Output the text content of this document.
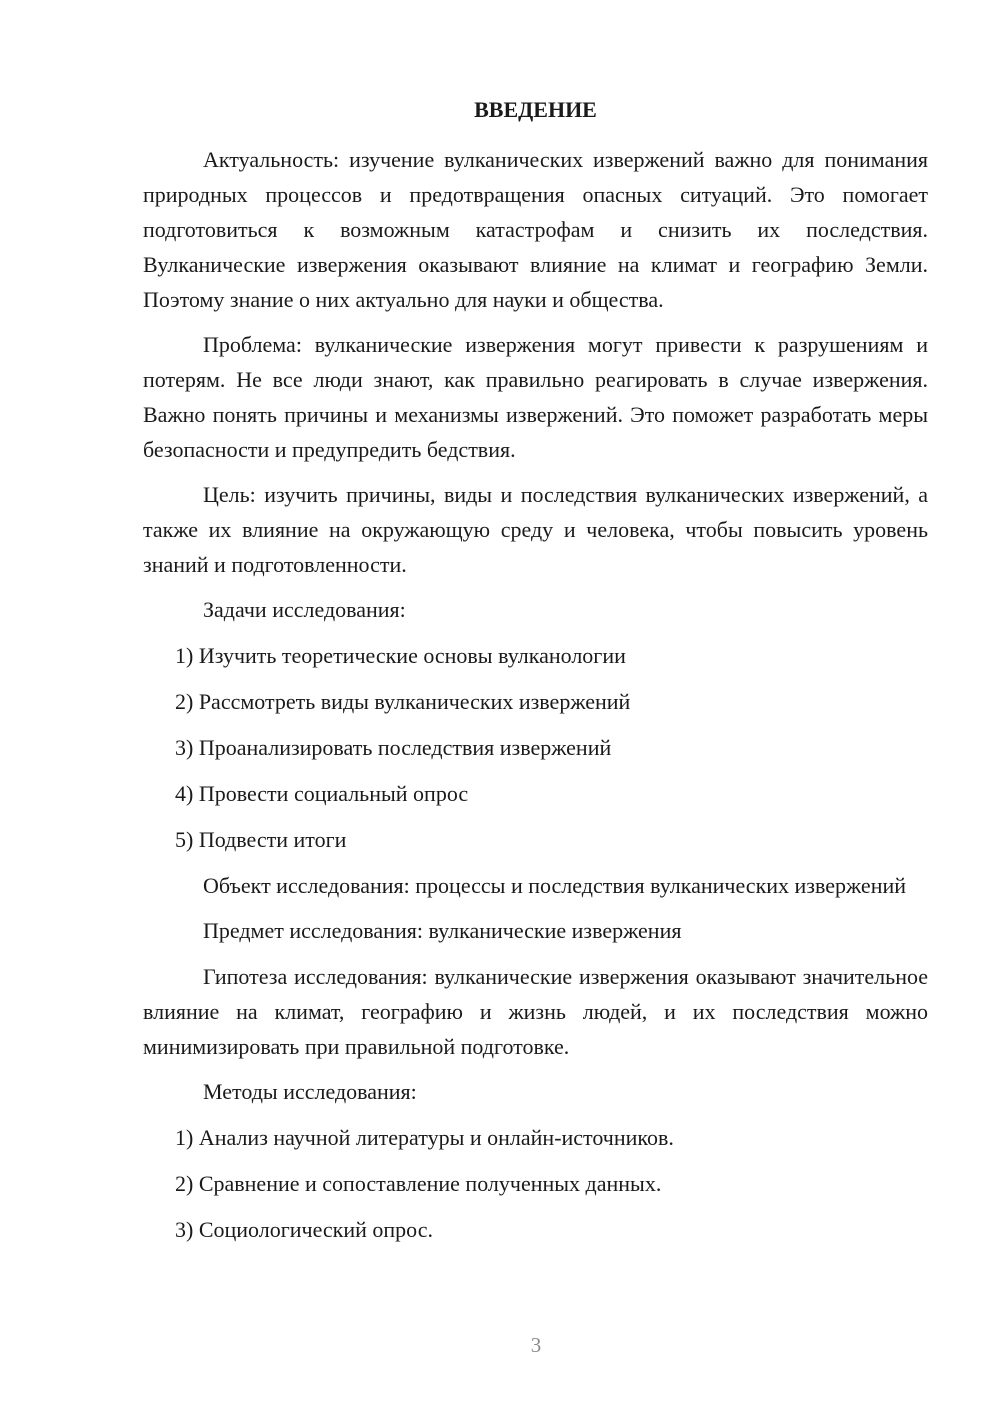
ВВЕДЕНИЕ

Актуальность: изучение вулканических извержений важно для понимания природных процессов и предотвращения опасных ситуаций. Это помогает подготовиться к возможным катастрофам и снизить их последствия. Вулканические извержения оказывают влияние на климат и географию Земли. Поэтому знание о них актуально для науки и общества.

Проблема: вулканические извержения могут привести к разрушениям и потерям. Не все люди знают, как правильно реагировать в случае извержения. Важно понять причины и механизмы извержений. Это поможет разработать меры безопасности и предупредить бедствия.

Цель: изучить причины, виды и последствия вулканических извержений, а также их влияние на окружающую среду и человека, чтобы повысить уровень знаний и подготовленности.

Задачи исследования:

1) Изучить теоретические основы вулканологии
2) Рассмотреть виды вулканических извержений
3) Проанализировать последствия извержений
4) Провести социальный опрос
5) Подвести итоги

Объект исследования: процессы и последствия вулканических извержений

Предмет исследования: вулканические извержения

Гипотеза исследования: вулканические извержения оказывают значительное влияние на климат, географию и жизнь людей, и их последствия можно минимизировать при правильной подготовке.

Методы исследования:

1) Анализ научной литературы и онлайн-источников.
2) Сравнение и сопоставление полученных данных.
3) Социологический опрос.
3
